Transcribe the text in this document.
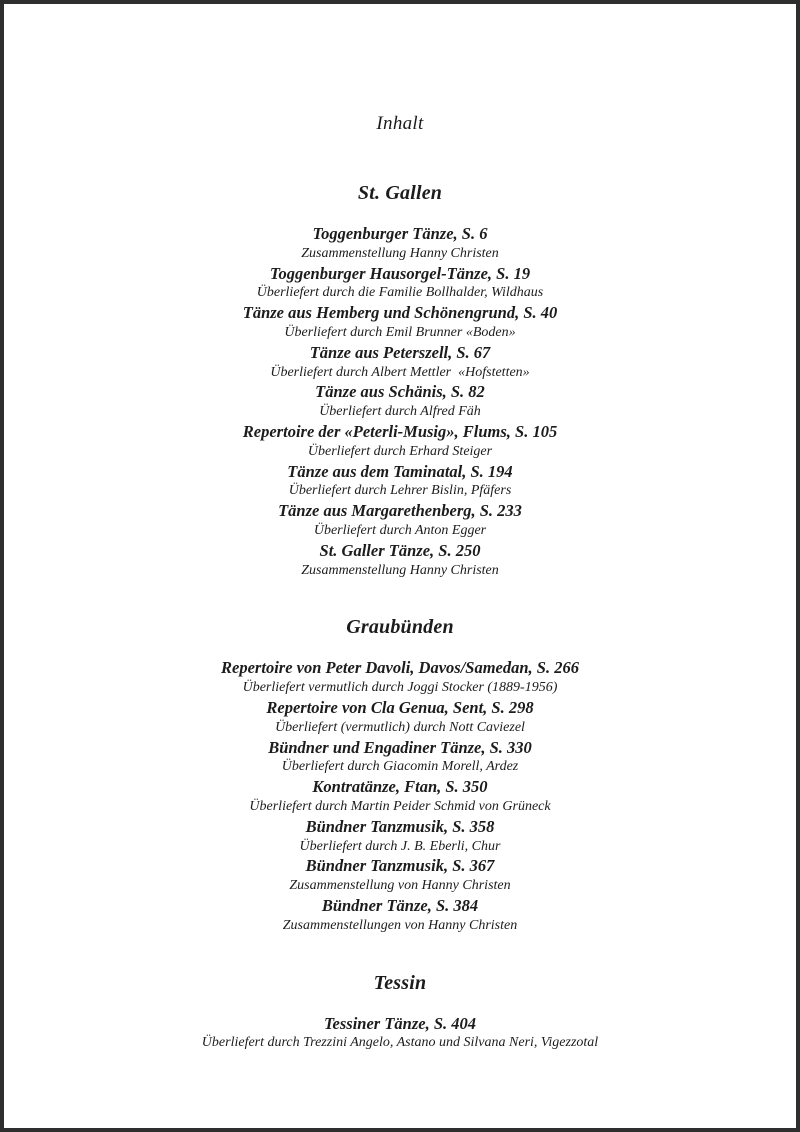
Inhalt
St. Gallen
Toggenburger Tänze, S. 6
Zusammenstellung Hanny Christen
Toggenburger Hausorgel-Tänze, S. 19
Überliefert durch die Familie Bollhalder, Wildhaus
Tänze aus Hemberg und Schönengrund, S. 40
Überliefert durch Emil Brunner «Boden»
Tänze aus Peterszell, S. 67
Überliefert durch Albert Mettler  «Hofstetten»
Tänze aus Schänis, S. 82
Überliefert durch Alfred Fäh
Repertoire der «Peterli-Musig», Flums, S. 105
Überliefert durch Erhard Steiger
Tänze aus dem Taminatal, S. 194
Überliefert durch Lehrer Bislin, Pfäfers
Tänze aus Margarethenberg, S. 233
Überliefert durch Anton Egger
St. Galler Tänze, S. 250
Zusammenstellung Hanny Christen
Graubünden
Repertoire von Peter Davoli, Davos/Samedan, S. 266
Überliefert vermutlich durch Joggi Stocker (1889-1956)
Repertoire von Cla Genua, Sent, S. 298
Überliefert (vermutlich) durch Nott Caviezel
Bündner und Engadiner Tänze, S. 330
Überliefert durch Giacomin Morell, Ardez
Kontratänze, Ftan, S. 350
Überliefert durch Martin Peider Schmid von Grüneck
Bündner Tanzmusik, S. 358
Überliefert durch J. B. Eberli, Chur
Bündner Tanzmusik, S. 367
Zusammenstellung von Hanny Christen
Bündner Tänze, S. 384
Zusammenstellungen von Hanny Christen
Tessin
Tessiner Tänze, S. 404
Überliefert durch Trezzini Angelo, Astano und Silvana Neri, Vigezzotal
